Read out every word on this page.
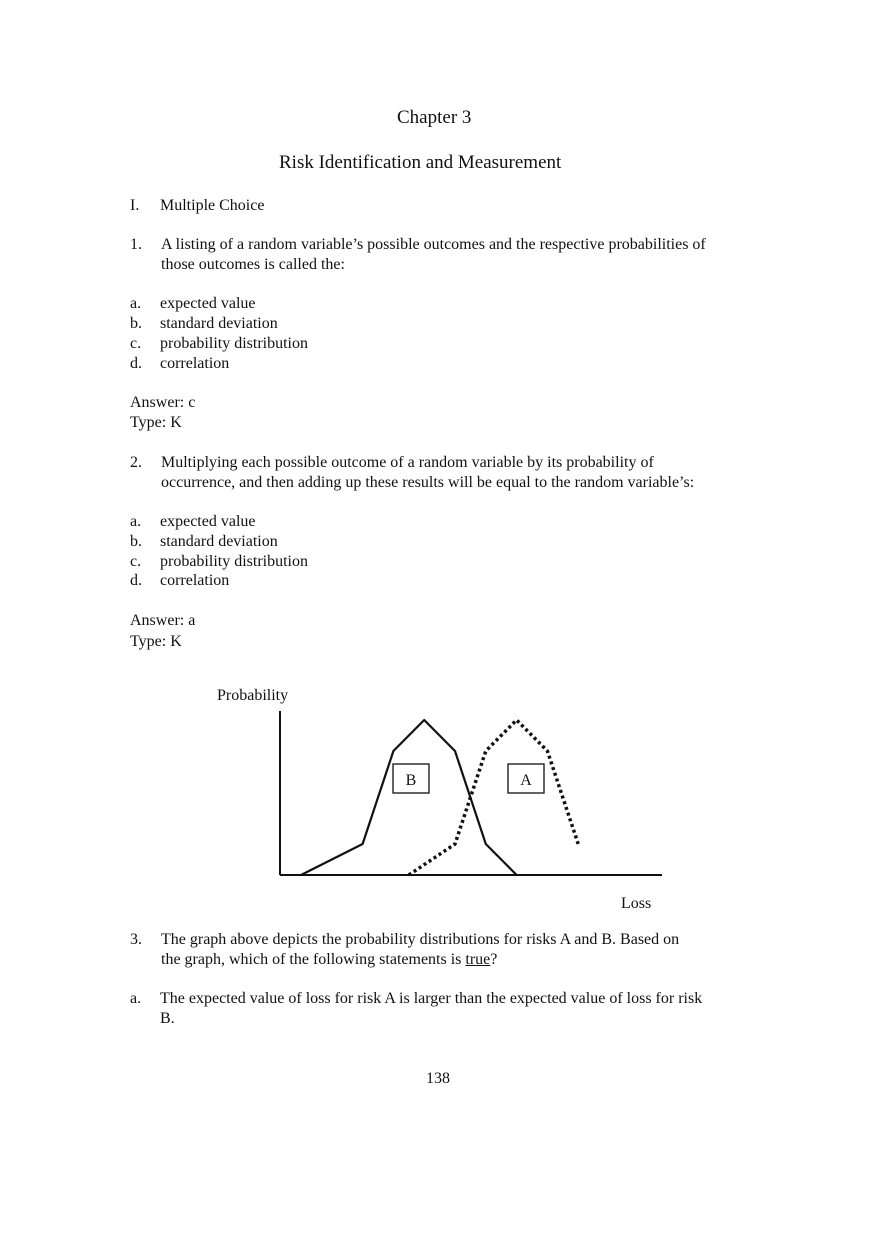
Chapter 3
Risk Identification and Measurement
I. Multiple Choice
1. A listing of a random variable’s possible outcomes and the respective probabilities of
those outcomes is called the:
a. expected value
b. standard deviation
c. probability distribution
d. correlation
Answer: c
Type: K
2. Multiplying each possible outcome of a random variable by its probability of
occurrence, and then adding up these results will be equal to the random variable’s:
a. expected value
b. standard deviation
c. probability distribution
d. correlation
Answer: a
Type: K
Probability
Loss
B	A
3. The graph above depicts the probability distributions for risks A and B. Based on
the graph, which of the following statements is true?
a. The expected value of loss for risk A is larger than the expected value of loss for risk
B.
138
